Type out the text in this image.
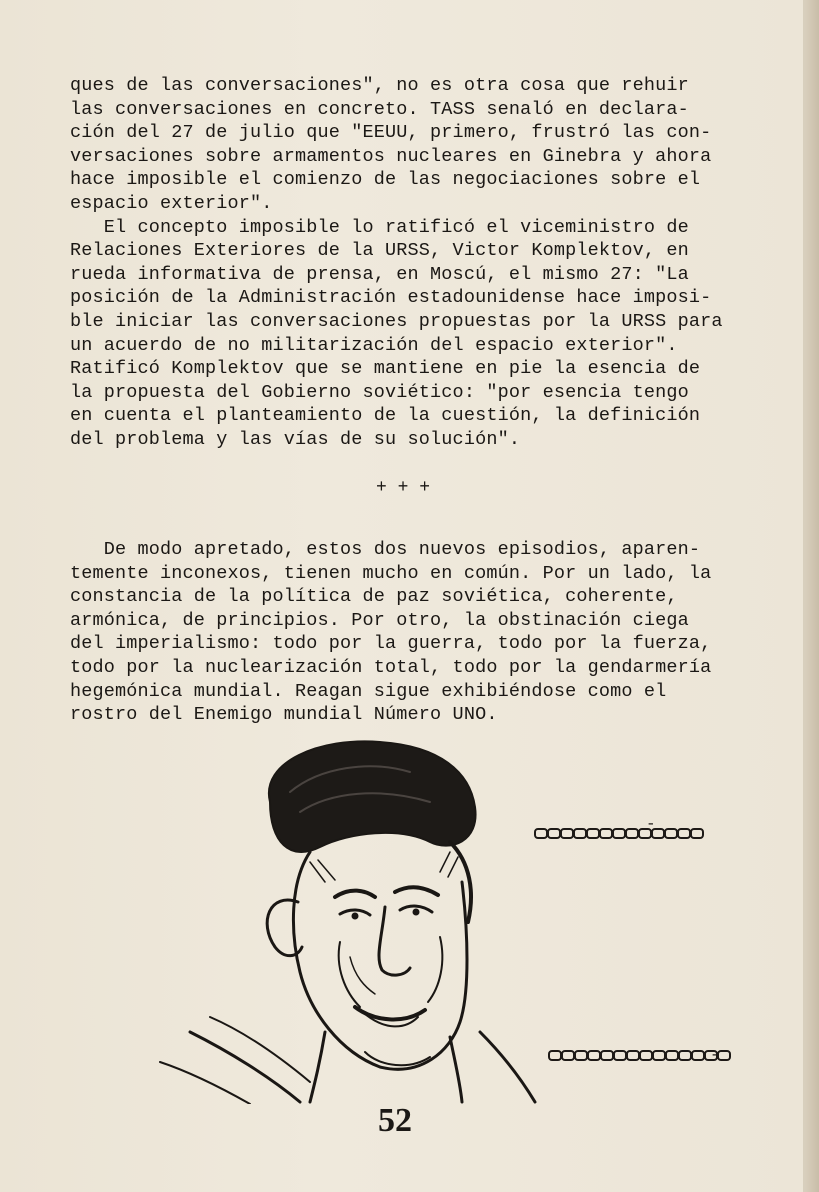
ques de las conversaciones", no es otra cosa que rehuir
las conversaciones en concreto. TASS senaló en declara-
ción del 27 de julio que "EEUU, primero, frustró las con-
versaciones sobre armamentos nucleares en Ginebra y ahora
hace imposible el comienzo de las negociaciones sobre el
espacio exterior".
El concepto imposible lo ratificó el viceministro de
Relaciones Exteriores de la URSS, Victor Komplektov, en
rueda informativa de prensa, en Moscú, el mismo 27: "La
posición de la Administración estadounidense hace imposi-
ble iniciar las conversaciones propuestas por la URSS para
un acuerdo de no militarización del espacio exterior".
Ratificó Komplektov que se mantiene en pie la esencia de
la propuesta del Gobierno soviético: "por esencia tengo
en cuenta el planteamiento de la cuestión, la definición
del problema y las vías de su solución".
+ + +
De modo apretado, estos dos nuevos episodios, aparen-
temente inconexos, tienen mucho en común. Por un lado, la
constancia de la política de paz soviética, coherente,
armónica, de principios. Por otro, la obstinación ciega
del imperialismo: todo por la guerra, todo por la fuerza,
todo por la nuclearización total, todo por la gendarmería
hegemónica mundial. Reagan sigue exhibiéndose como el
rostro del Enemigo mundial Número UNO.
-
-
52
